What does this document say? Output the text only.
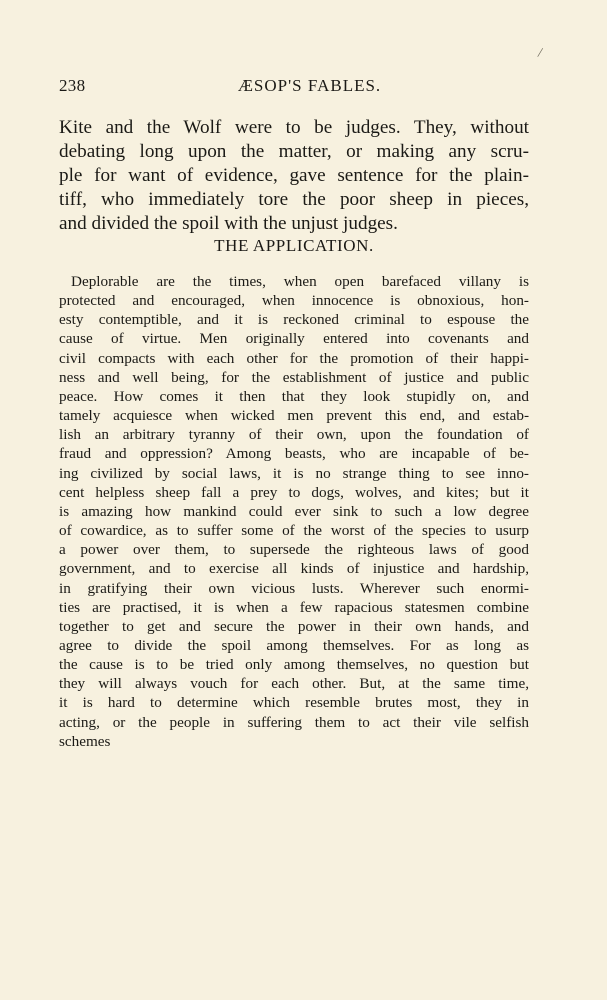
/
238	ÆSOP'S FABLES.

Kite and the Wolf were to be judges. They, without
debating long upon the matter, or making any scru-
ple for want of evidence, gave sentence for the plain-
tiff, who immediately tore the poor sheep in pieces,
and divided the spoil with the unjust judges.

THE APPLICATION.

Deplorable are the times, when open barefaced villany is
protected and encouraged, when innocence is obnoxious, hon-
esty contemptible, and it is reckoned criminal to espouse the
cause of virtue. Men originally entered into covenants and
civil compacts with each other for the promotion of their happi-
ness and well being, for the establishment of justice and public
peace. How comes it then that they look stupidly on, and
tamely acquiesce when wicked men prevent this end, and estab-
lish an arbitrary tyranny of their own, upon the foundation of
fraud and oppression? Among beasts, who are incapable of be-
ing civilized by social laws, it is no strange thing to see inno-
cent helpless sheep fall a prey to dogs, wolves, and kites; but it
is amazing how mankind could ever sink to such a low degree
of cowardice, as to suffer some of the worst of the species to usurp
a power over them, to supersede the righteous laws of good
government, and to exercise all kinds of injustice and hardship,
in gratifying their own vicious lusts. Wherever such enormi-
ties are practised, it is when a few rapacious statesmen combine
together to get and secure the power in their own hands, and
agree to divide the spoil among themselves. For as long as
the cause is to be tried only among themselves, no question but
they will always vouch for each other. But, at the same time,
it is hard to determine which resemble brutes most, they in
acting, or the people in suffering them to act their vile selfish
schemes
